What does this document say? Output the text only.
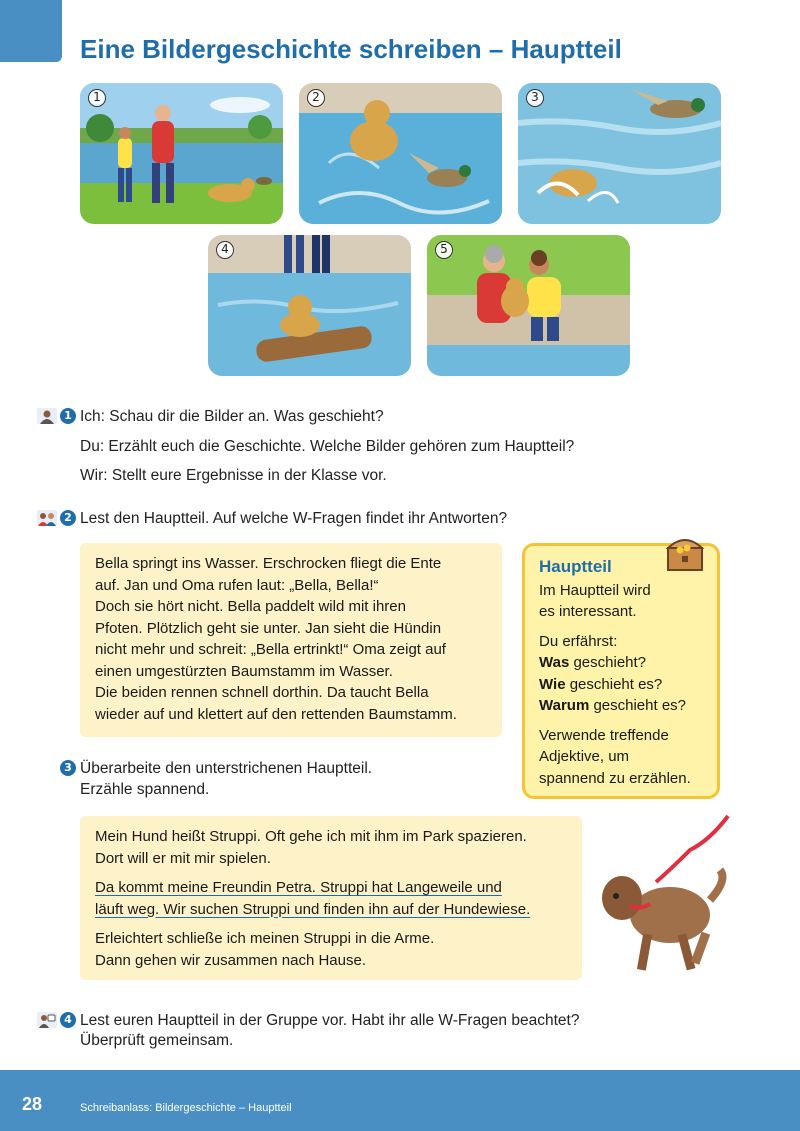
Eine Bildergeschichte schreiben – Hauptteil
1	2	3
4	5
1 Ich: Schau dir die Bilder an. Was geschieht?
Du: Erzählt euch die Geschichte. Welche Bilder gehören zum Hauptteil?
Wir: Stellt eure Ergebnisse in der Klasse vor.
2 Lest den Hauptteil. Auf welche W-Fragen findet ihr Antworten?
Bella springt ins Wasser. Erschrocken fliegt die Ente
auf. Jan und Oma rufen laut: „Bella, Bella!“
Doch sie hört nicht. Bella paddelt wild mit ihren
Pfoten. Plötzlich geht sie unter. Jan sieht die Hündin
nicht mehr und schreit: „Bella ertrinkt!“ Oma zeigt auf
einen umgestürzten Baumstamm im Wasser.
Die beiden rennen schnell dorthin. Da taucht Bella
wieder auf und klettert auf den rettenden Baumstamm.
Hauptteil

Im Hauptteil wird
es interessant.

Du erfährst:
Was geschieht?
Wie geschieht es?
Warum geschieht es?

Verwende treffende
Adjektive, um
spannend zu erzählen.

3 Überarbeite den unterstrichenen Hauptteil.
Erzähle spannend.
Mein Hund heißt Struppi. Oft gehe ich mit ihm im Park spazieren.
Dort will er mit mir spielen.
Da kommt meine Freundin Petra. Struppi hat Langeweile und
läuft weg. Wir suchen Struppi und finden ihn auf der Hundewiese.
Erleichtert schließe ich meinen Struppi in die Arme.
Dann gehen wir zusammen nach Hause.
4 Lest euren Hauptteil in der Gruppe vor. Habt ihr alle W-Fragen beachtet?
Überprüft gemeinsam.
28	Schreibanlass: Bildergeschichte – Hauptteil
